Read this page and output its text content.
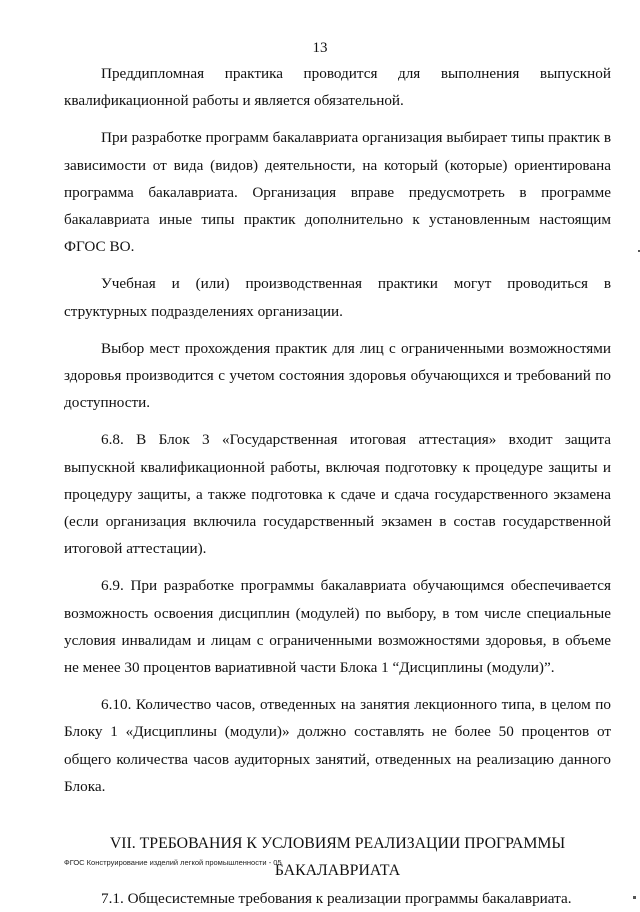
13

Преддипломная практика проводится для выполнения выпускной квалификационной работы и является обязательной.

При разработке программ бакалавриата организация выбирает типы практик в зависимости от вида (видов) деятельности, на который (которые) ориентирована программа бакалавриата. Организация вправе предусмотреть в программе бакалавриата иные типы практик дополнительно к установленным настоящим ФГОС ВО.

Учебная и (или) производственная практики могут проводиться в структурных подразделениях организации.

Выбор мест прохождения практик для лиц с ограниченными возможностями здоровья производится с учетом состояния здоровья обучающихся и требований по доступности.

6.8. В Блок 3 «Государственная итоговая аттестация» входит защита выпускной квалификационной работы, включая подготовку к процедуре защиты и процедуру защиты, а также подготовка к сдаче и сдача государственного экзамена (если организация включила государственный экзамен в состав государственной итоговой аттестации).

6.9. При разработке программы бакалавриата обучающимся обеспечивается возможность освоения дисциплин (модулей) по выбору, в том числе специальные условия инвалидам и лицам с ограниченными возможностями здоровья, в объеме не менее 30 процентов вариативной части Блока 1 “Дисциплины (модули)”.

6.10. Количество часов, отведенных на занятия лекционного типа, в целом по Блоку 1 «Дисциплины (модули)» должно составлять не более 50 процентов от общего количества часов аудиторных занятий, отведенных на реализацию данного Блока.

VII. ТРЕБОВАНИЯ К УСЛОВИЯМ РЕАЛИЗАЦИИ ПРОГРАММЫ
БАКАЛАВРИАТА

7.1. Общесистемные требования к реализации программы бакалавриата.

ФГОС Конструирование изделий легкой промышленности - 05
